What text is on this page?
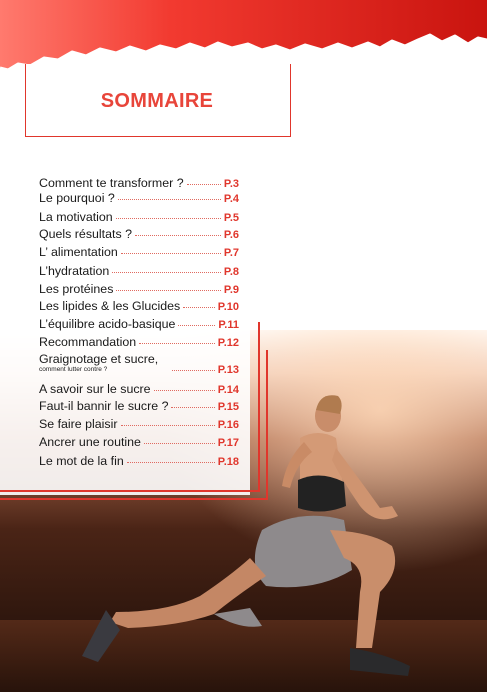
SOMMAIRE
Comment te transformer ?	P.3
Le pourquoi ?	P.4
La motivation	P.5
Quels résultats ?	P.6
L’ alimentation	P.7
L’hydratation	P.8
Les protéines	P.9
Les lipides & les Glucides	P.10
L’équilibre acido-basique	P.11
Recommandation	P.12
Graignotage et sucre,
comment lutter contre ?	P.13
A savoir sur le sucre	P.14
Faut-il bannir le sucre ?	P.15
Se faire plaisir	P.16
Ancrer une routine	P.17
Le mot de la fin	P.18
